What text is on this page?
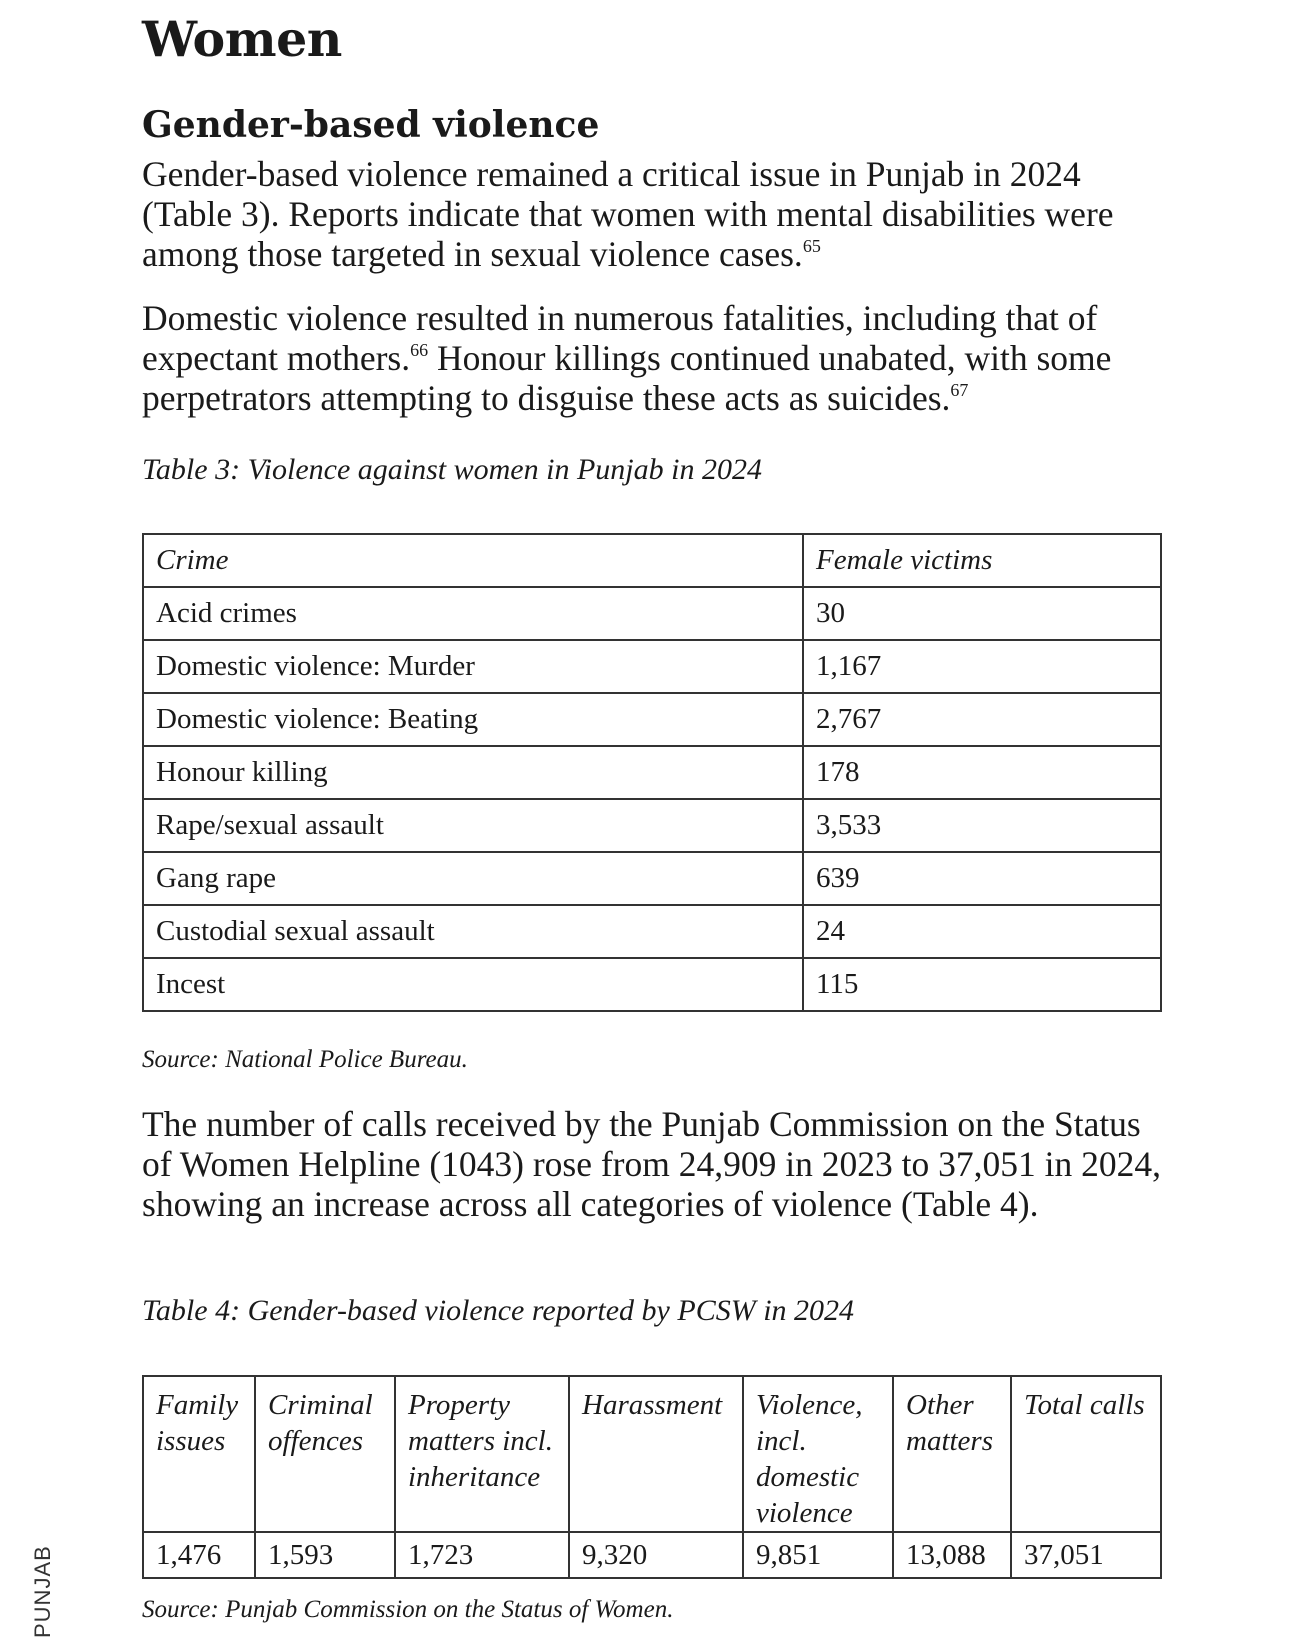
Women
Gender-based violence

Gender-based violence remained a critical issue in Punjab in 2024 (Table 3). Reports indicate that women with mental disabilities were among those targeted in sexual violence cases.$^{65}$

Domestic violence resulted in numerous fatalities, including that of expectant mothers.$^{66}$ Honour killings continued unabated, with some perpetrators attempting to disguise these acts as suicides.$^{67}$

Table 3: Violence against women in Punjab in 2024

Crime	Female victims
Acid crimes	30
Domestic violence: Murder	1,167
Domestic violence: Beating	2,767
Honour killing	178
Rape/sexual assault	3,533
Gang rape	639
Custodial sexual assault	24
Incest	115

Source: National Police Bureau.

The number of calls received by the Punjab Commission on the Status of Women Helpline (1043) rose from 24,909 in 2023 to 37,051 in 2024, showing an increase across all categories of violence (Table 4).

Table 4: Gender-based violence reported by PCSW in 2024

Family issues	Criminal offences	Property matters incl. inheritance	Harassment	Violence, incl. domestic violence	Other matters	Total calls
1,476	1,593	1,723	9,320	9,851	13,088	37,051

Source: Punjab Commission on the Status of Women.

PUNJAB
